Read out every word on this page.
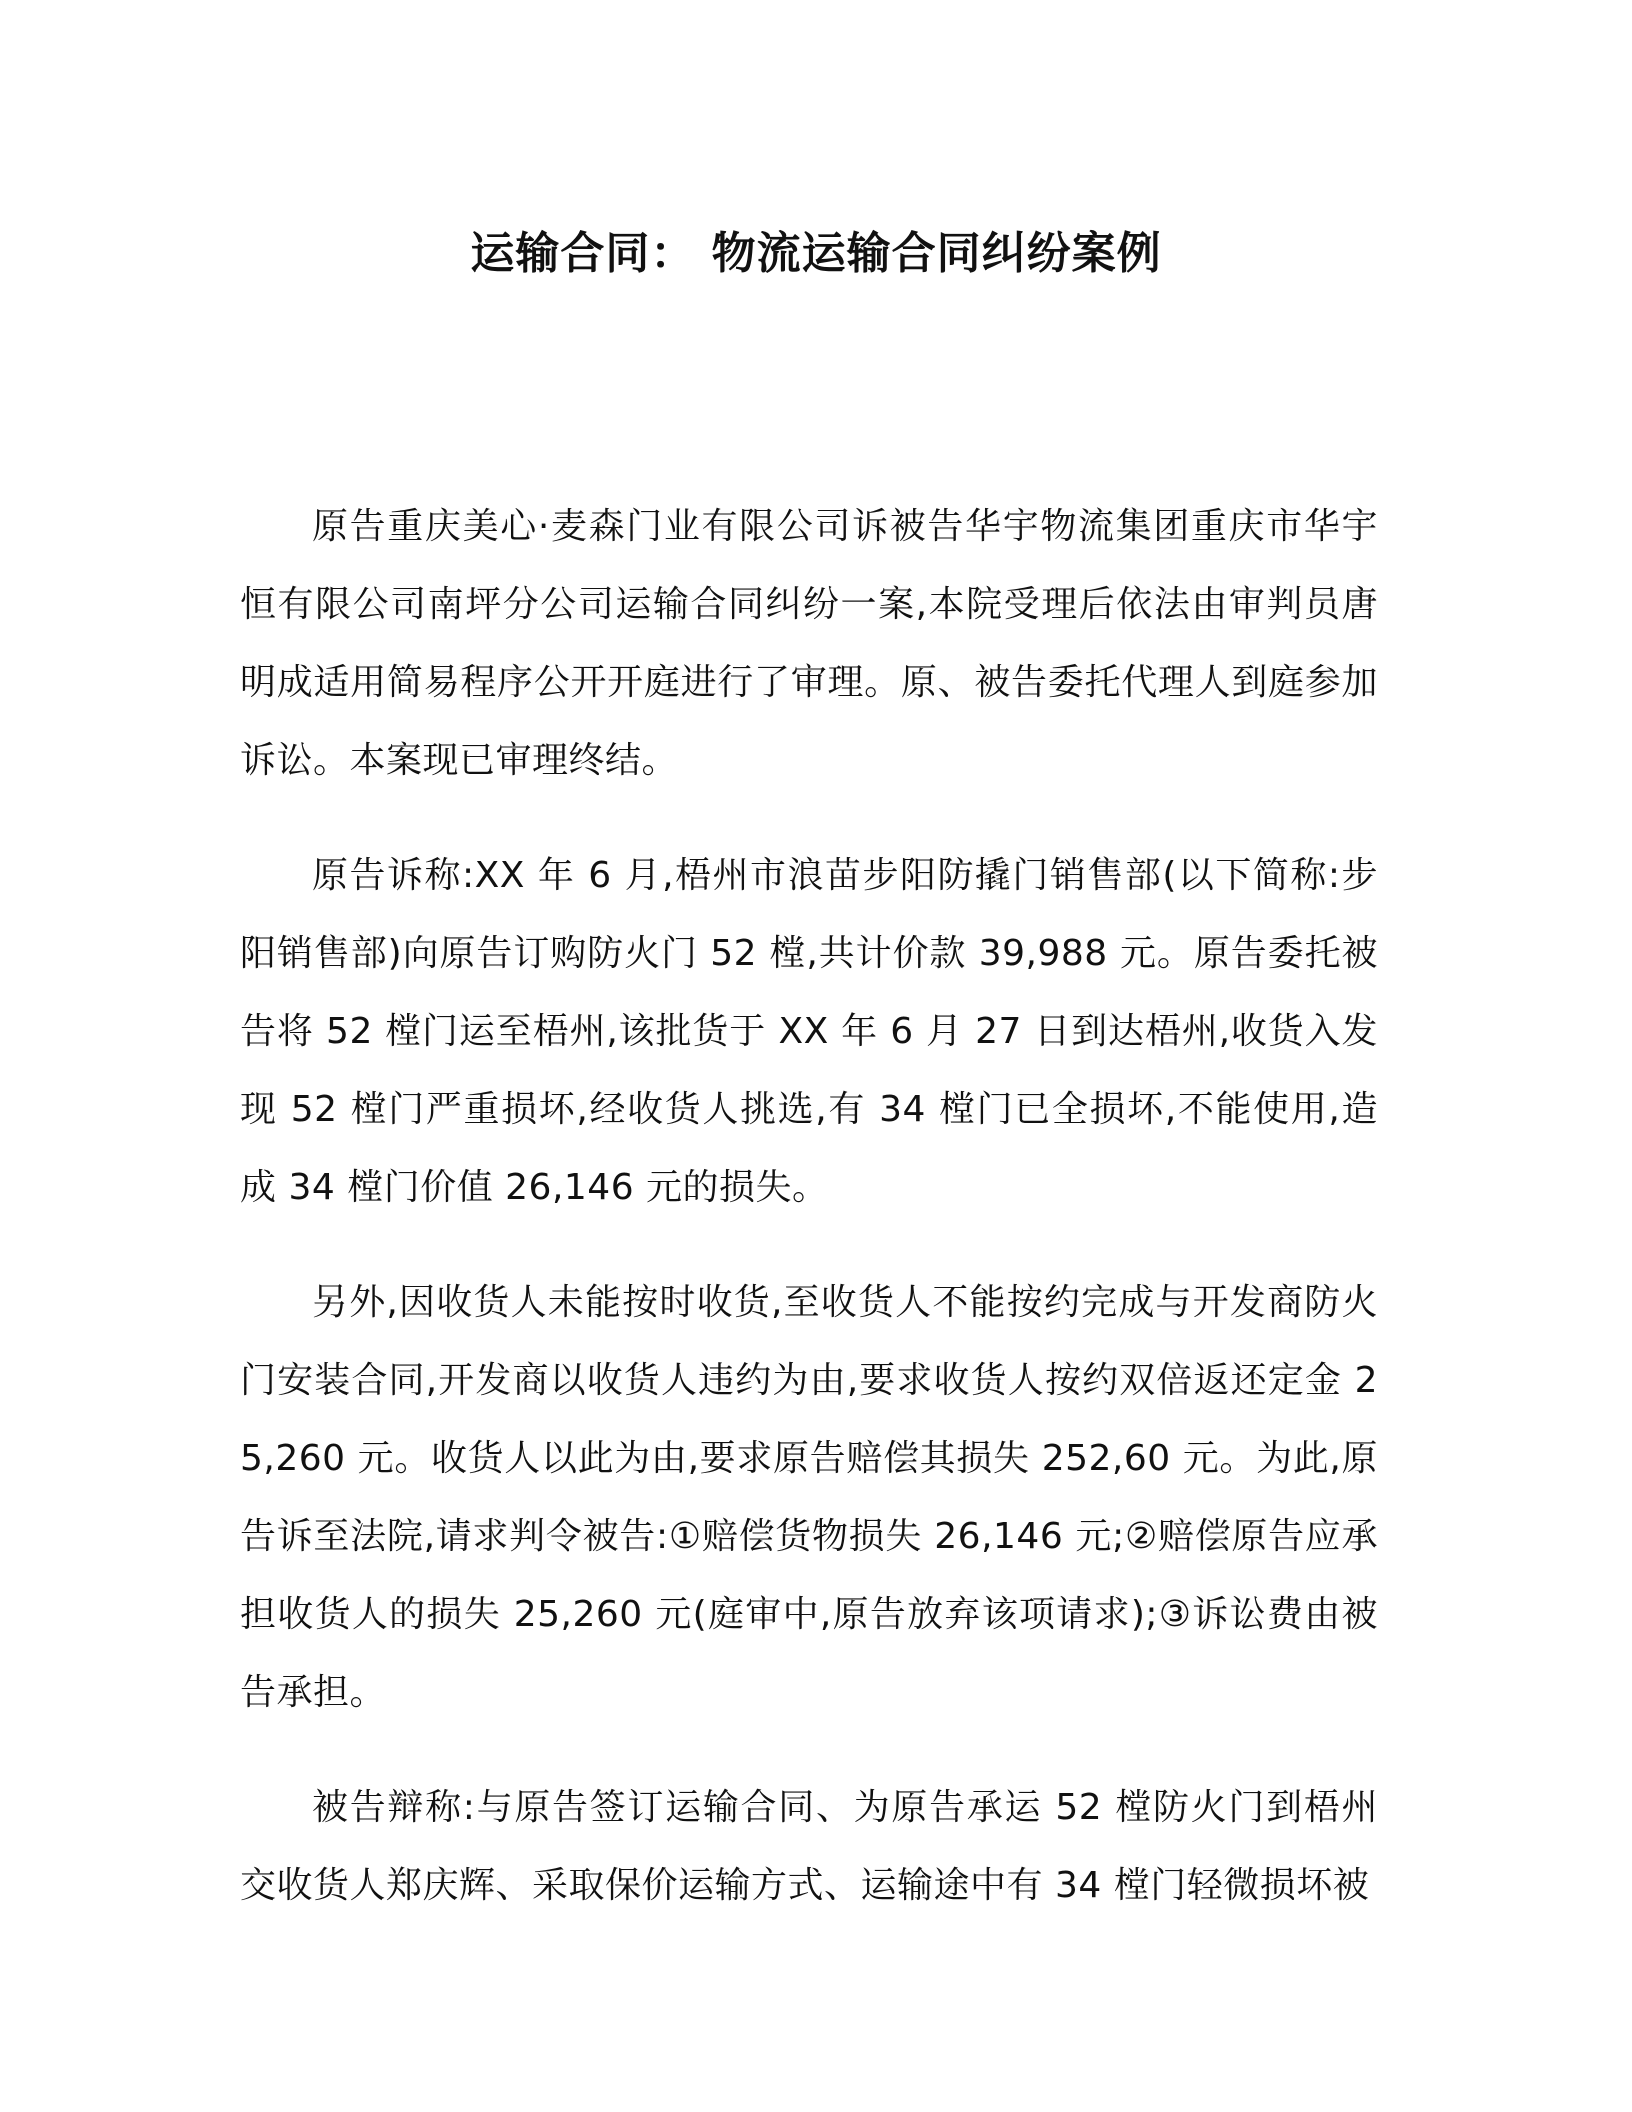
运输合同： 物流运输合同纠纷案例

原告重庆美心·麦森门业有限公司诉被告华宇物流集团重庆市华宇恒有限公司南坪分公司运输合同纠纷一案,本院受理后依法由审判员唐明成适用简易程序公开开庭进行了审理。原、被告委托代理人到庭参加诉讼。本案现已审理终结。

原告诉称:XX 年 6 月,梧州市浪苗步阳防撬门销售部(以下简称:步阳销售部)向原告订购防火门 52 樘,共计价款 39,988 元。原告委托被告将 52 樘门运至梧州,该批货于 XX 年 6 月 27 日到达梧州,收货入发现 52 樘门严重损坏,经收货人挑选,有 34 樘门已全损坏,不能使用,造成 34 樘门价值 26,146 元的损失。

另外,因收货人未能按时收货,至收货人不能按约完成与开发商防火门安装合同,开发商以收货人违约为由,要求收货人按约双倍返还定金 25,260 元。收货人以此为由,要求原告赔偿其损失 252,60 元。为此,原告诉至法院,请求判令被告:①赔偿货物损失 26,146 元;②赔偿原告应承担收货人的损失 25,260 元(庭审中,原告放弃该项请求);③诉讼费由被告承担。

被告辩称:与原告签订运输合同、为原告承运 52 樘防火门到梧州交收货人郑庆辉、采取保价运输方式、运输途中有 34 樘门轻微损坏被
